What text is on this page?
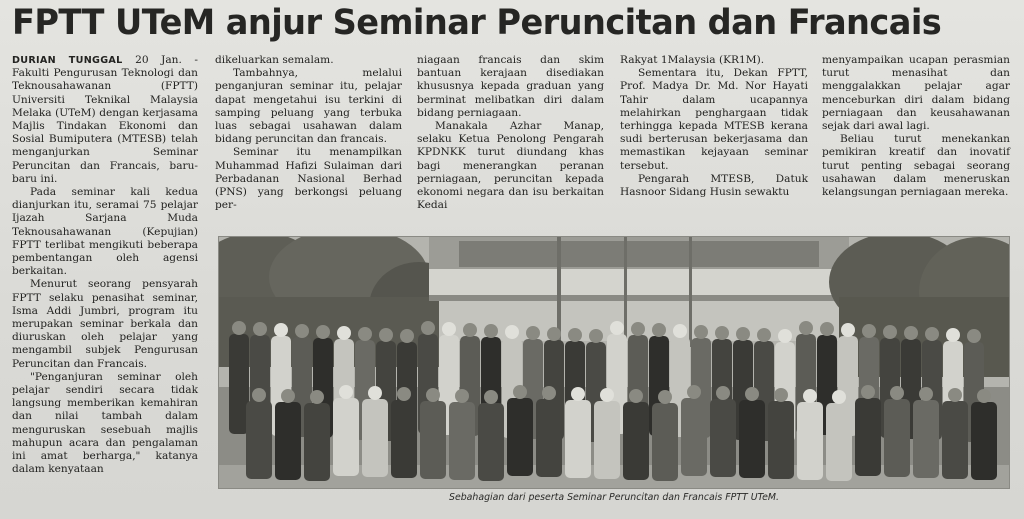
FPTT UTeM anjur Seminar Peruncitan dan Francais

DURIAN TUNGGAL 20 Jan. - Fakulti Pengurusan Teknologi dan Teknousahawanan (FPTT) Universiti Teknikal Malaysia Melaka (UTeM) dengan kerjasama Majlis Tindakan Ekonomi dan Sosial Bumiputera (MTESB) telah menganjurkan Seminar Peruncitan dan Francais, baru-baru ini.

Pada seminar kali kedua dianjurkan itu, seramai 75 pelajar Ijazah Sarjana Muda Teknousahawanan (Kepujian) FPTT terlibat mengikuti beberapa pembentangan oleh agensi berkaitan.

Menurut seorang pensyarah FPTT selaku penasihat seminar, Isma Addi Jumbri, program itu merupakan seminar berkala dan diuruskan oleh pelajar yang mengambil subjek Pengurusan Peruncitan dan Francais.

"Penganjuran seminar oleh pelajar sendiri secara tidak langsung memberikan kemahiran dan nilai tambah dalam menguruskan sesebuah majlis mahupun acara dan pengalaman ini amat berharga," katanya dalam kenyataan

dikeluarkan semalam.

Tambahnya, melalui penganjuran seminar itu, pelajar dapat mengetahui isu terkini di samping peluang yang terbuka luas sebagai usahawan dalam bidang peruncitan dan francais.

Seminar itu menampilkan Muhammad Hafizi Sulaiman dari Perbadanan Nasional Berhad (PNS) yang berkongsi peluang per-

niagaan francais dan skim bantuan kerajaan disediakan khususnya kepada graduan yang berminat melibatkan diri dalam bidang perniagaan.

Manakala Azhar Manap, selaku Ketua Penolong Pengarah KPDNKK turut diundang khas bagi menerangkan peranan perniagaan, peruncitan kepada ekonomi negara dan isu berkaitan Kedai

Rakyat 1Malaysia (KR1M).

Sementara itu, Dekan FPTT, Prof. Madya Dr. Md. Nor Hayati Tahir dalam ucapannya melahirkan penghargaan tidak terhingga kepada MTESB kerana sudi berterusan bekerjasama dan memastikan kejayaan seminar tersebut.

Pengarah MTESB, Datuk Hasnoor Sidang Husin sewaktu

menyampaikan ucapan perasmian turut menasihat dan menggalakkan pelajar agar menceburkan diri dalam bidang perniagaan dan keusahawanan sejak dari awal lagi.

Beliau turut menekankan pemikiran kreatif dan inovatif turut penting sebagai seorang usahawan dalam meneruskan kelangsungan perniagaan mereka.

Sebahagian dari peserta Seminar Peruncitan dan Francais FPTT UTeM.
